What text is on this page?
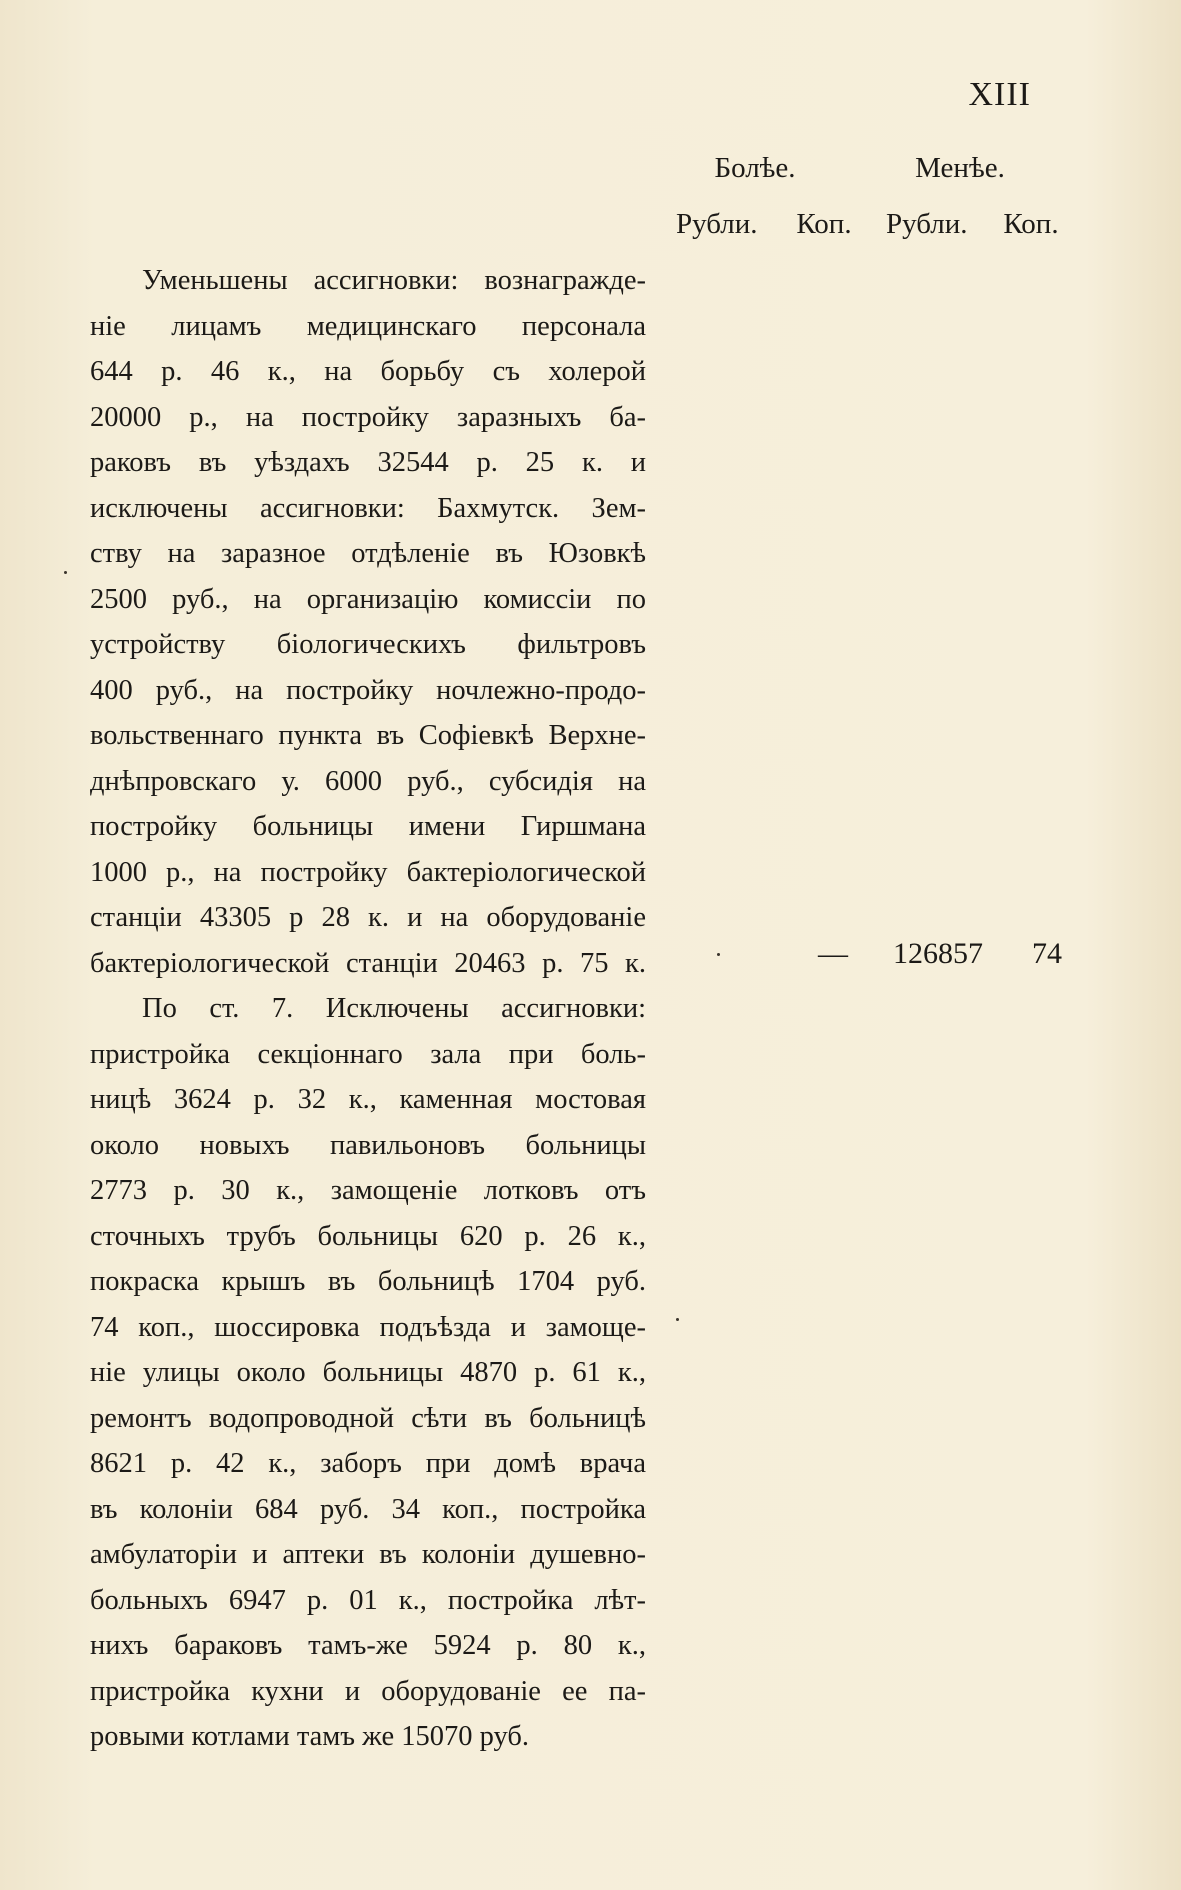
XIII
Болѣе.	Менѣе.
Рубли. Коп. Рубли. Коп.
Уменьшены ассигновки: вознагражде-
ніе лицамъ медицинскаго персонала
644 р. 46 к., на борьбу съ холерой
20000 р., на постройку заразныхъ ба-
раковъ въ уѣздахъ 32544 р. 25 к. и
исключены ассигновки: Бахмутск. Зем-
ству на заразное отдѣленіе въ Юзовкѣ
2500 руб., на организацію комиссіи по
устройству біологическихъ фильтровъ
400 руб., на постройку ночлежно-продо-
вольственнаго пункта въ Софіевкѣ Верхне-
днѣпровскаго у. 6000 руб., субсидія на
постройку больницы имени Гиршмана
1000 р., на постройку бактеріологической
станціи 43305 р 28 к. и на оборудованіе
бактеріологической станціи 20463 р. 75 к.
По ст. 7. Исключены ассигновки:
пристройка секціоннаго зала при боль-
ницѣ 3624 р. 32 к., каменная мостовая
около новыхъ павильоновъ больницы
2773 р. 30 к., замощеніе лотковъ отъ
сточныхъ трубъ больницы 620 р. 26 к.,
покраска крышъ въ больницѣ 1704 руб.
74 коп., шоссировка подъѣзда и замоще-
ніе улицы около больницы 4870 р. 61 к.,
ремонтъ водопроводной сѣти въ больницѣ
8621 р. 42 к., заборъ при домѣ врача
въ колоніи 684 руб. 34 коп., постройка
амбулаторіи и аптеки въ колоніи душевно-
больныхъ 6947 р. 01 к., постройка лѣт-
нихъ бараковъ тамъ-же 5924 р. 80 к.,
пристройка кухни и оборудованіе ее па-
ровыми котлами тамъ же 15070 руб.
— 126857 74
